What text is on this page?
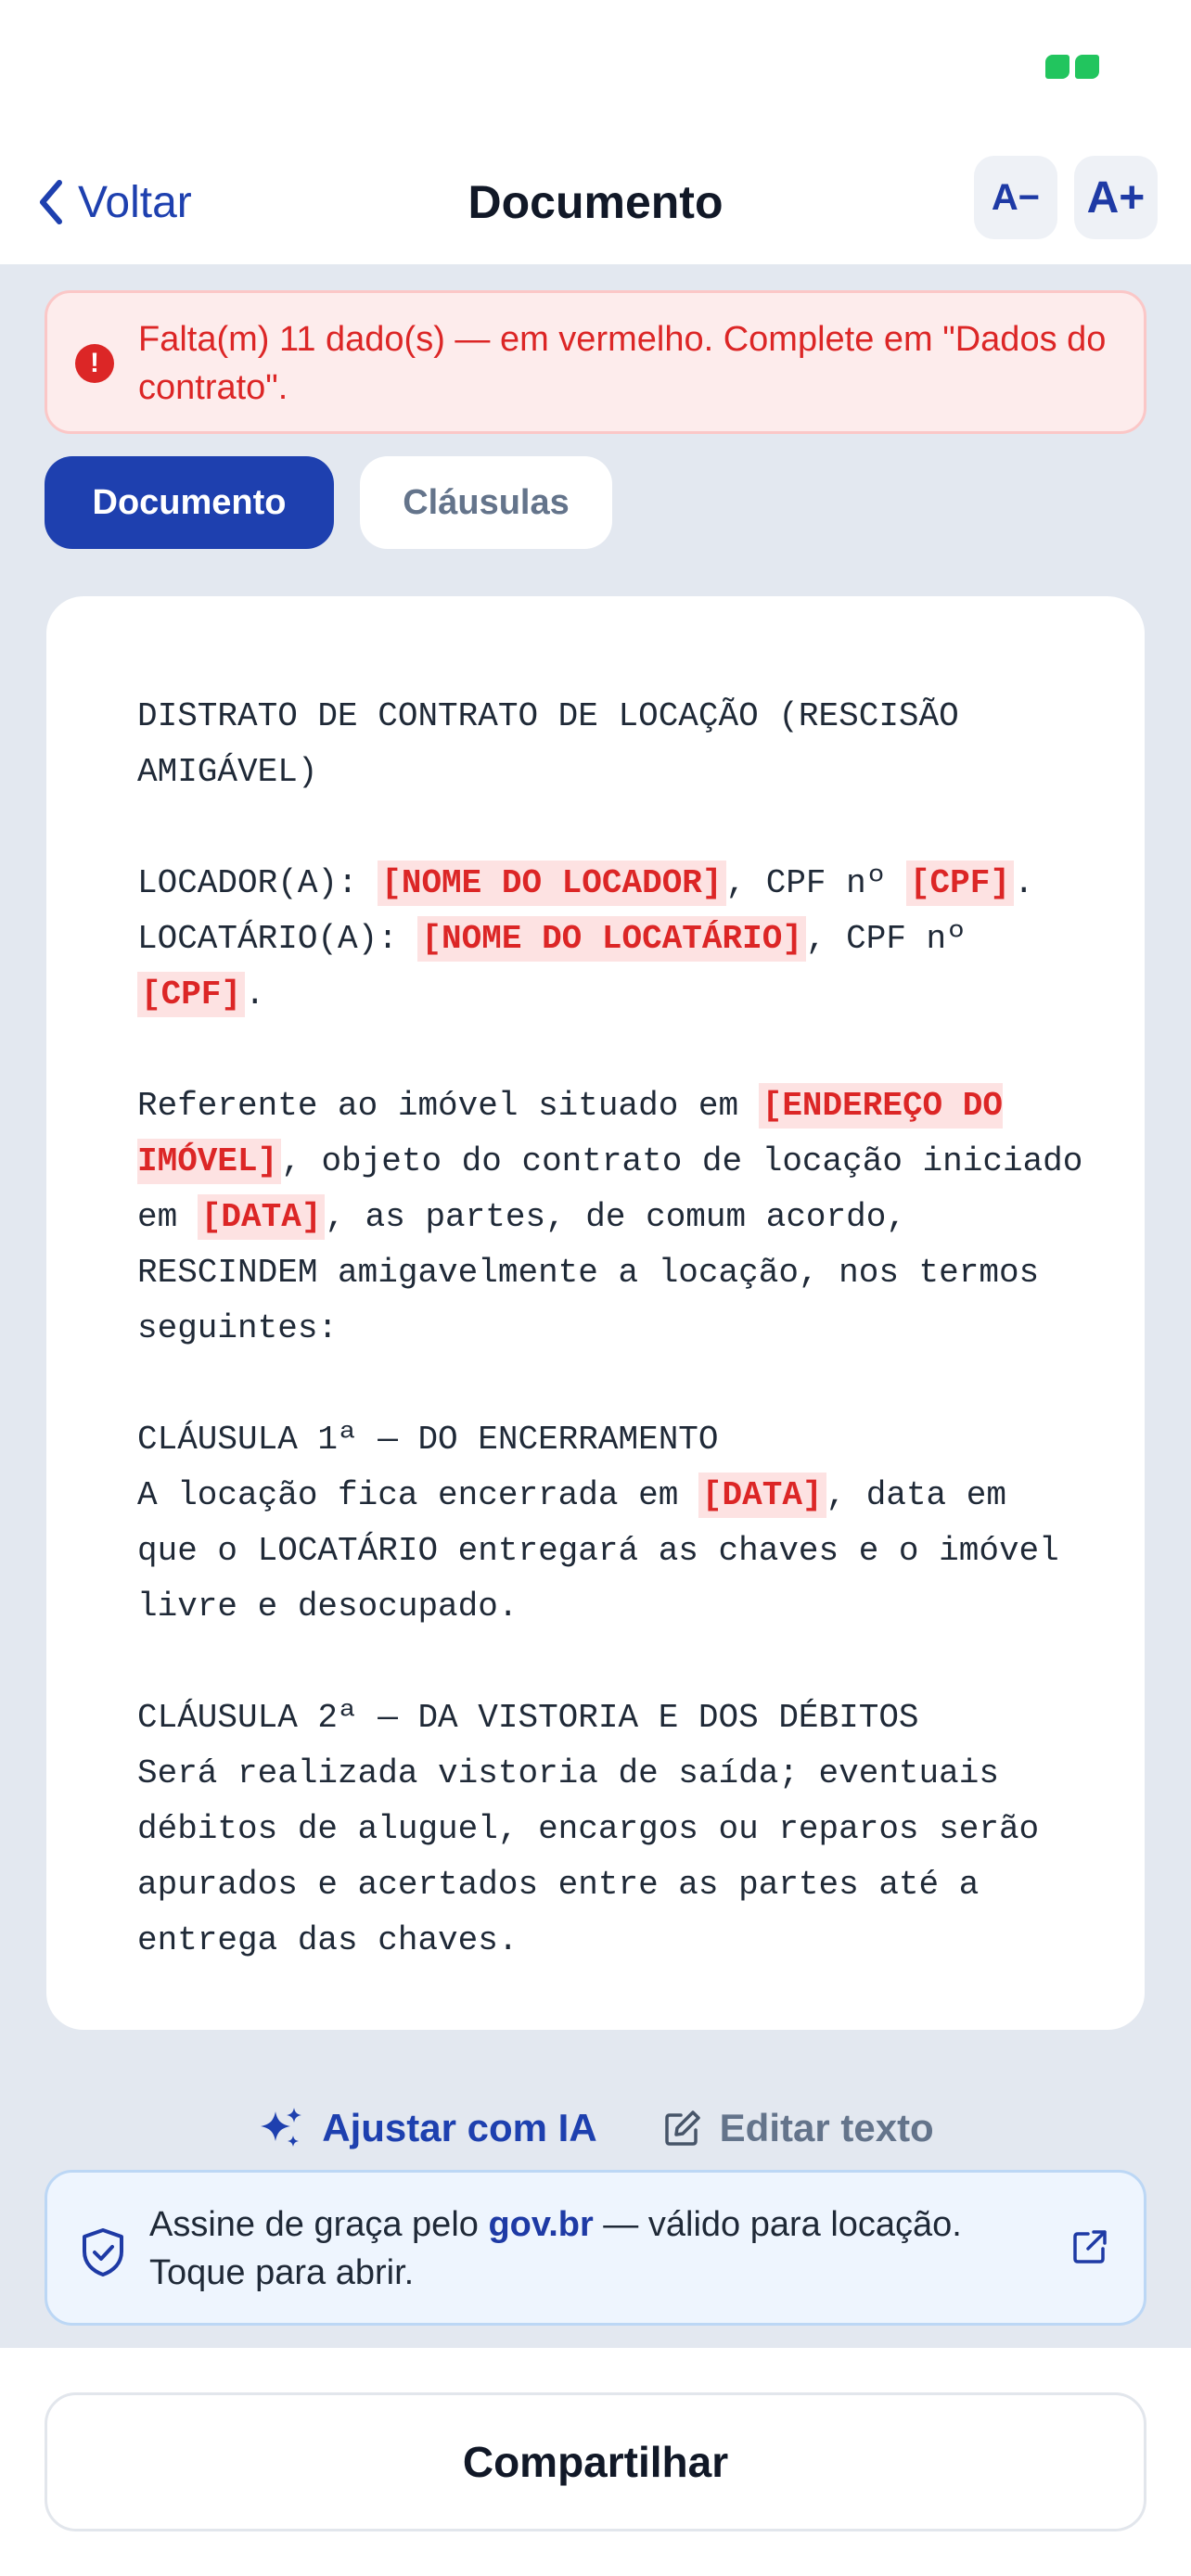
Voltar	Documento	A−	A+
!
Falta(m) 11 dado(s) — em vermelho. Complete em "Dados do contrato".
Documento	Cláusulas

DISTRATO DE CONTRATO DE LOCAÇÃO (RESCISÃO AMIGÁVEL)

LOCADOR(A): [NOME DO LOCADOR] , CPF nº [CPF] .

LOCATÁRIO(A): [NOME DO LOCATÁRIO] , CPF nº [CPF] .

Referente ao imóvel situado em [ENDEREÇO DO IMÓVEL] , objeto do contrato de locação iniciado em [DATA] , as partes, de comum acordo, RESCINDEM amigavelmente a locação, nos termos seguintes:

CLÁUSULA 1ª — DO ENCERRAMENTO

A locação fica encerrada em [DATA] , data em que o LOCATÁRIO entregará as chaves e o imóvel livre e desocupado.

CLÁUSULA 2ª — DA VISTORIA E DOS DÉBITOS

Será realizada vistoria de saída; eventuais débitos de aluguel, encargos ou reparos serão apurados e acertados entre as partes até a entrega das chaves.

Ajustar com IA	Editar texto
Assine de graça pelo gov.br — válido para locação. Toque para abrir.
Compartilhar
